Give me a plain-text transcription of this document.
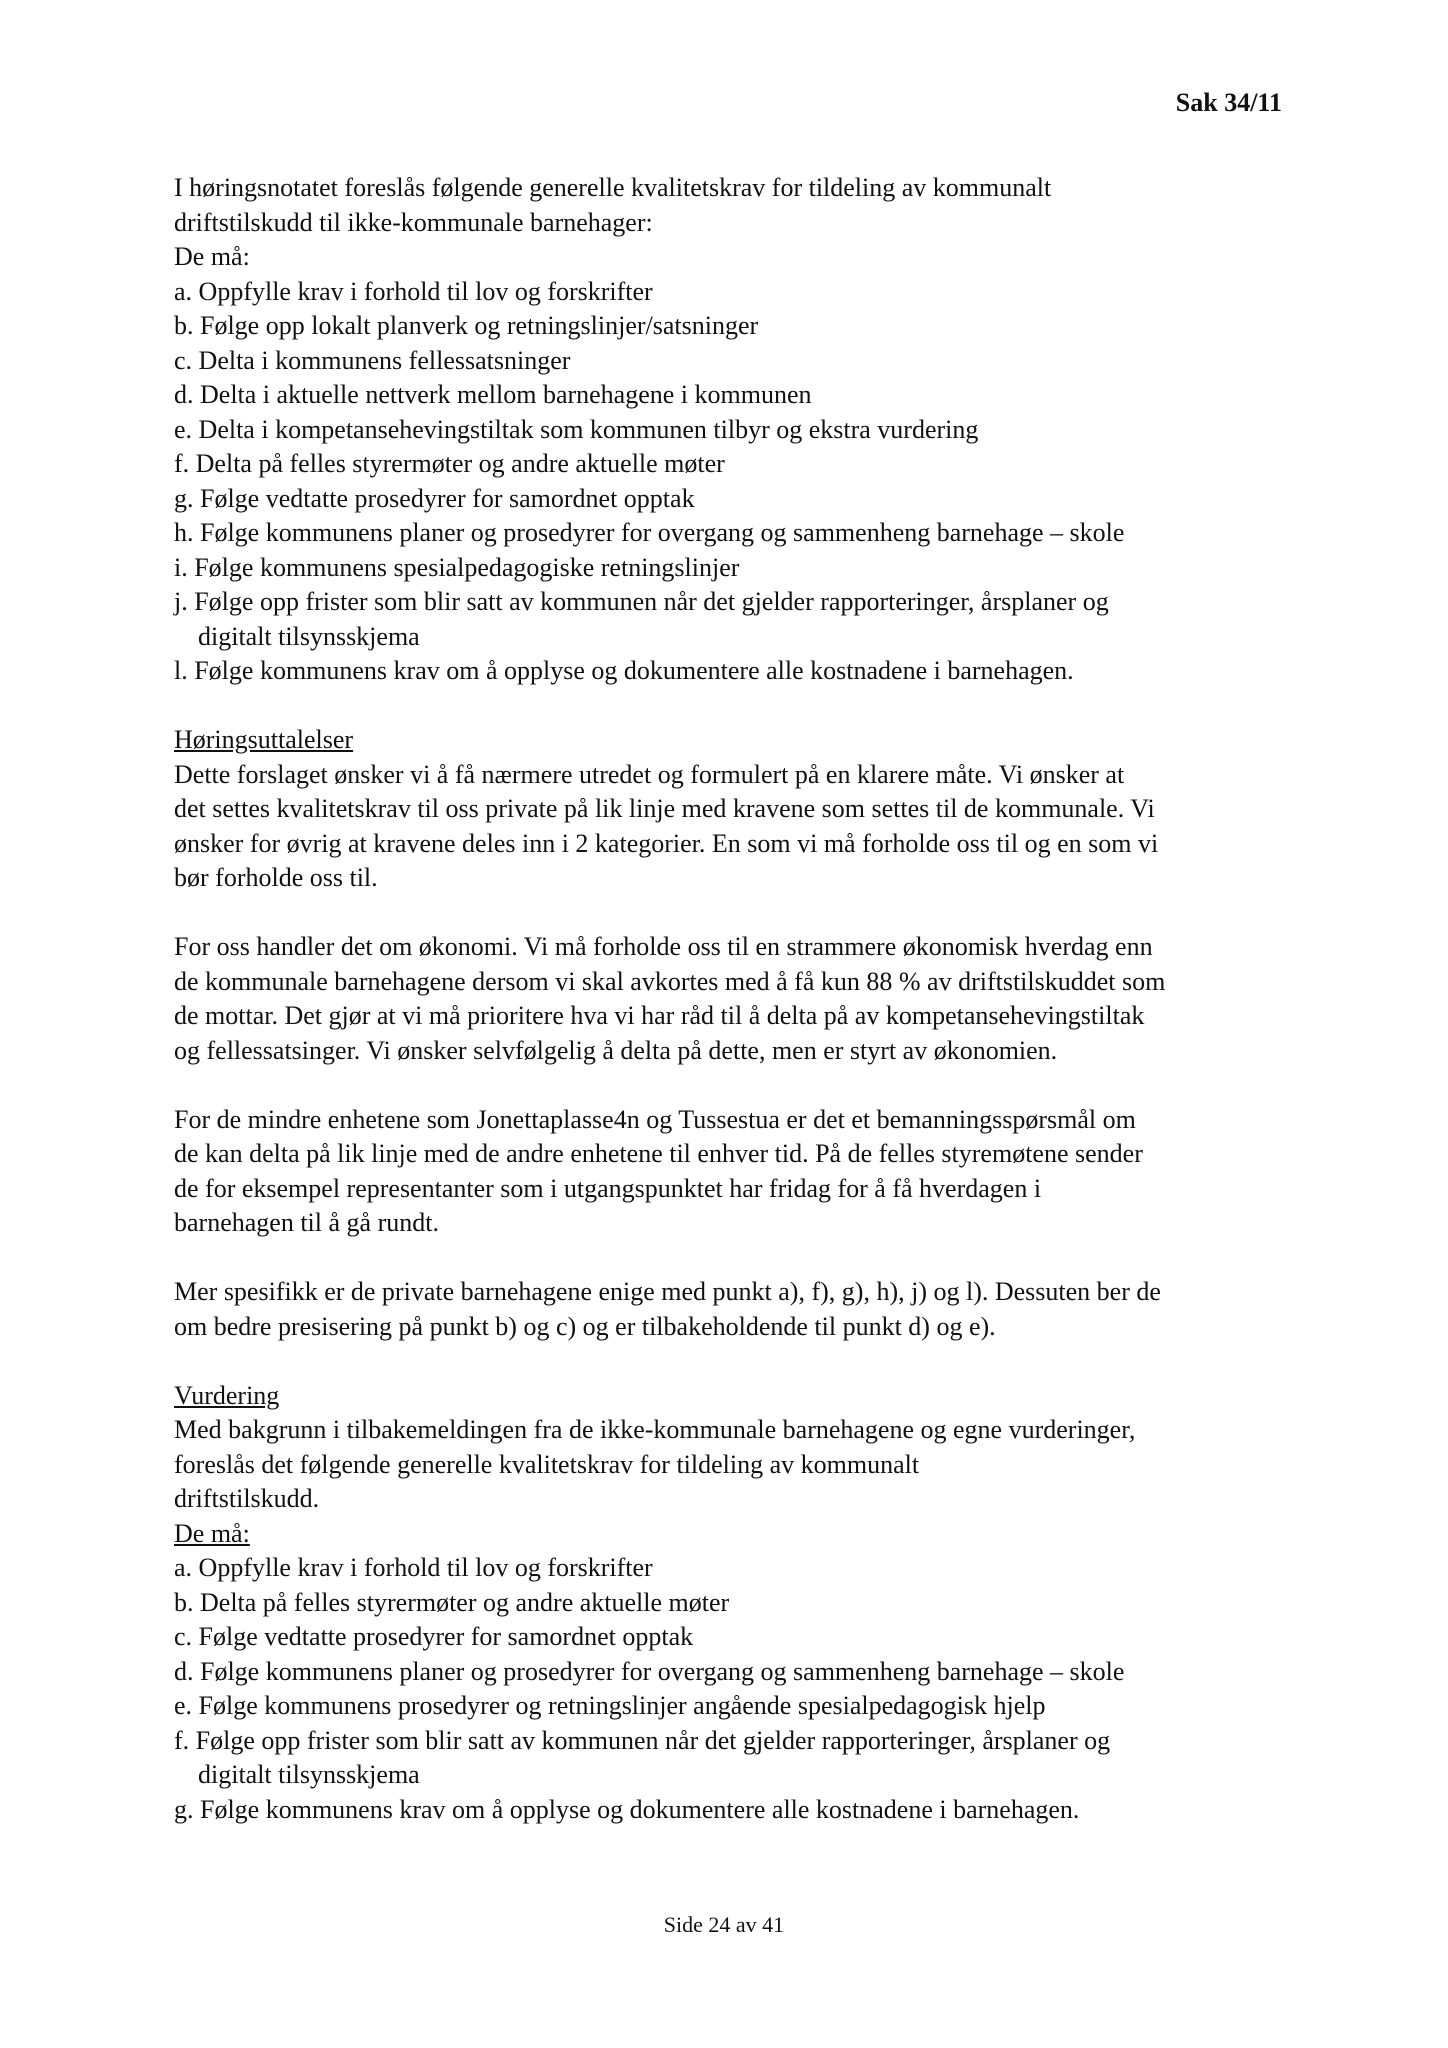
Sak 34/11
I høringsnotatet foreslås følgende generelle kvalitetskrav for tildeling av kommunalt
driftstilskudd til ikke-kommunale barnehager:
De må:
a. Oppfylle krav i forhold til lov og forskrifter
b. Følge opp lokalt planverk og retningslinjer/satsninger
c. Delta i kommunens fellessatsninger
d. Delta i aktuelle nettverk mellom barnehagene i kommunen
e. Delta i kompetansehevingstiltak som kommunen tilbyr og ekstra vurdering
f. Delta på felles styrermøter og andre aktuelle møter
g. Følge vedtatte prosedyrer for samordnet opptak
h. Følge kommunens planer og prosedyrer for overgang og sammenheng barnehage – skole
i. Følge kommunens spesialpedagogiske retningslinjer
j. Følge opp frister som blir satt av kommunen når det gjelder rapporteringer, årsplaner og
digitalt tilsynsskjema
l. Følge kommunens krav om å opplyse og dokumentere alle kostnadene i barnehagen.
Høringsuttalelser
Dette forslaget ønsker vi å få nærmere utredet og formulert på en klarere måte. Vi ønsker at
det settes kvalitetskrav til oss private på lik linje med kravene som settes til de kommunale. Vi
ønsker for øvrig at kravene deles inn i 2 kategorier. En som vi må forholde oss til og en som vi
bør forholde oss til.
For oss handler det om økonomi. Vi må forholde oss til en strammere økonomisk hverdag enn
de kommunale barnehagene dersom vi skal avkortes med å få kun 88 % av driftstilskuddet som
de mottar. Det gjør at vi må prioritere hva vi har råd til å delta på av kompetansehevingstiltak
og fellessatsinger. Vi ønsker selvfølgelig å delta på dette, men er styrt av økonomien.
For de mindre enhetene som Jonettaplasse4n og Tussestua er det et bemanningsspørsmål om
de kan delta på lik linje med de andre enhetene til enhver tid. På de felles styremøtene sender
de for eksempel representanter som i utgangspunktet har fridag for å få hverdagen i
barnehagen til å gå rundt.
Mer spesifikk er de private barnehagene enige med punkt a), f), g), h), j) og l). Dessuten ber de
om bedre presisering på punkt b) og c) og er tilbakeholdende til punkt d) og e).
Vurdering
Med bakgrunn i tilbakemeldingen fra de ikke-kommunale barnehagene og egne vurderinger,
foreslås det følgende generelle kvalitetskrav for tildeling av kommunalt
driftstilskudd.
De må:
a. Oppfylle krav i forhold til lov og forskrifter
b. Delta på felles styrermøter og andre aktuelle møter
c. Følge vedtatte prosedyrer for samordnet opptak
d. Følge kommunens planer og prosedyrer for overgang og sammenheng barnehage – skole
e. Følge kommunens prosedyrer og retningslinjer angående spesialpedagogisk hjelp
f. Følge opp frister som blir satt av kommunen når det gjelder rapporteringer, årsplaner og
digitalt tilsynsskjema
g. Følge kommunens krav om å opplyse og dokumentere alle kostnadene i barnehagen.
Side 24 av 41
